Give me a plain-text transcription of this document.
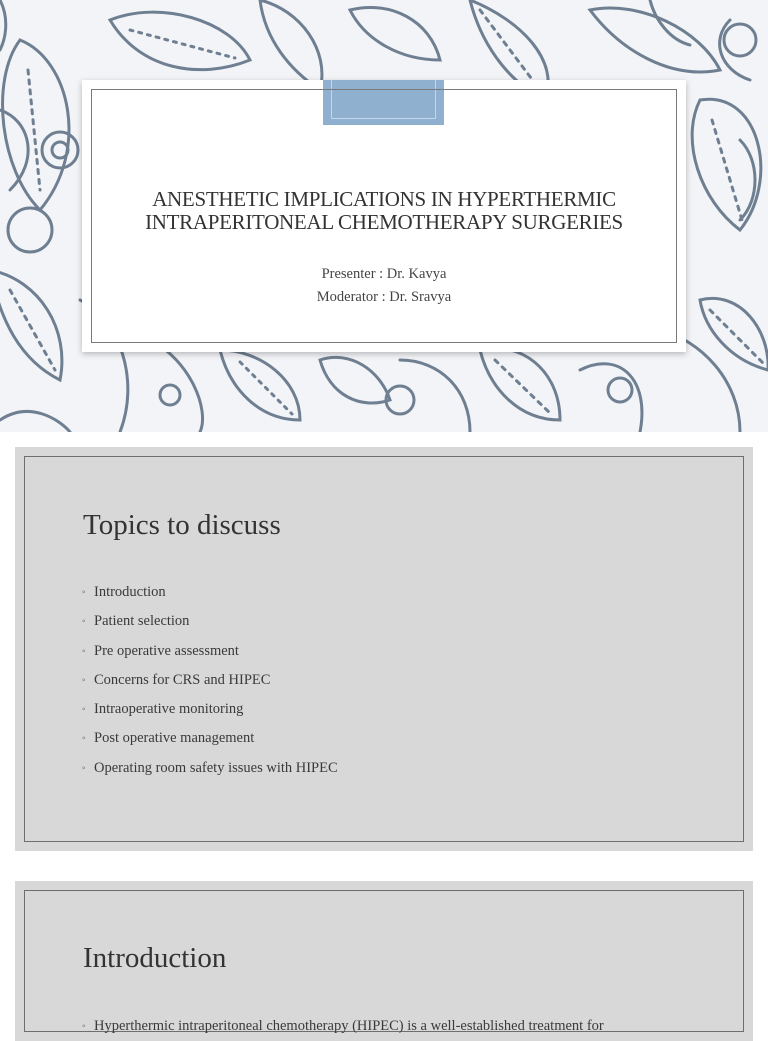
ANESTHETIC IMPLICATIONS IN HYPERTHERMIC
INTRAPERITONEAL CHEMOTHERAPY SURGERIES
Presenter : Dr. Kavya
Moderator : Dr. Sravya
Topics to discuss
◦ Introduction
◦ Patient selection
◦ Pre operative assessment
◦ Concerns for CRS and HIPEC
◦ Intraoperative monitoring
◦ Post operative management
◦ Operating room safety issues with HIPEC
Introduction
◦ Hyperthermic intraperitoneal chemotherapy (HIPEC) is a well-established treatment for
